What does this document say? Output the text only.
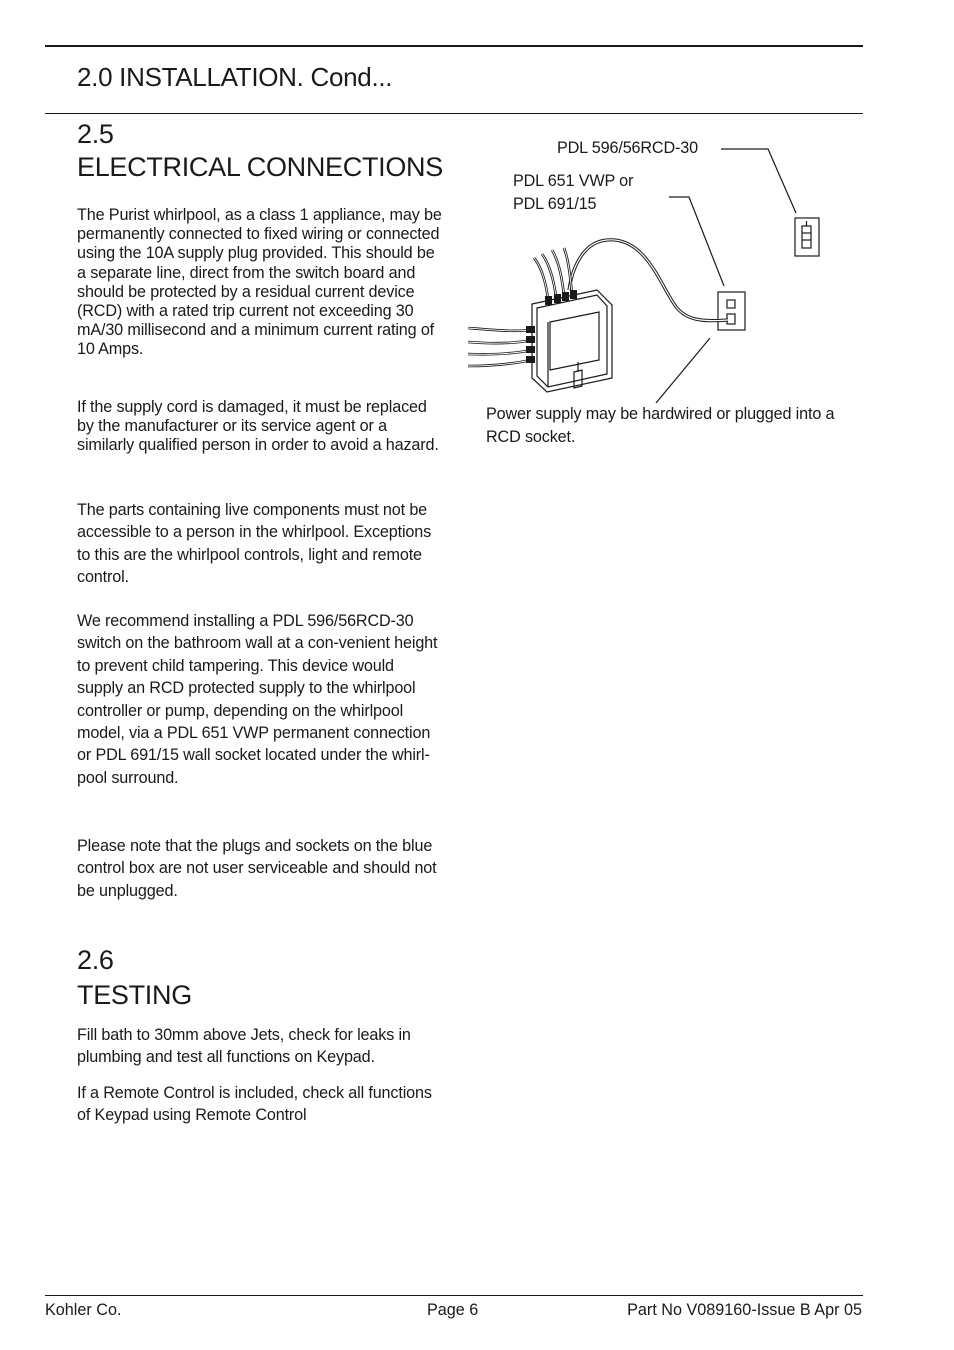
2.0 INSTALLATION. Cond...
2.5
ELECTRICAL CONNECTIONS

The Purist whirlpool, as a class 1 appliance, may be permanently connected to fixed wiring or connected using the 10A supply plug provided. This should be a separate line, direct from the switch board and should be protected by a residual current device (RCD) with a rated trip current not exceeding 30 mA/30 millisecond and a minimum current rating of 10 Amps.

If the supply cord is damaged, it must be replaced by the manufacturer or its service agent or a similarly qualified person in order to avoid a hazard.

The parts containing live components must not be accessible to a person in the whirlpool. Exceptions to this are the whirlpool controls, light and remote control.

We recommend installing a PDL 596/56RCD-30 switch on the bathroom wall at a con-venient height to prevent child tampering. This device would supply an RCD protected supply to the whirlpool controller or pump, depending on the whirlpool model, via a PDL 651 VWP permanent connection or PDL 691/15 wall socket located under the whirl-pool surround.

Please note that the plugs and sockets on the blue control box are not user serviceable and should not be unplugged.

2.6
TESTING

Fill bath to 30mm above Jets, check for leaks in plumbing and test all functions on Keypad.

If a Remote Control is included, check all functions of Keypad using Remote Control

PDL 596/56RCD-30
PDL 651 VWP or
PDL 691/15
Power supply may be hardwired or plugged into a RCD socket.
Kohler Co.	Page 6	Part No V089160-Issue B Apr 05
